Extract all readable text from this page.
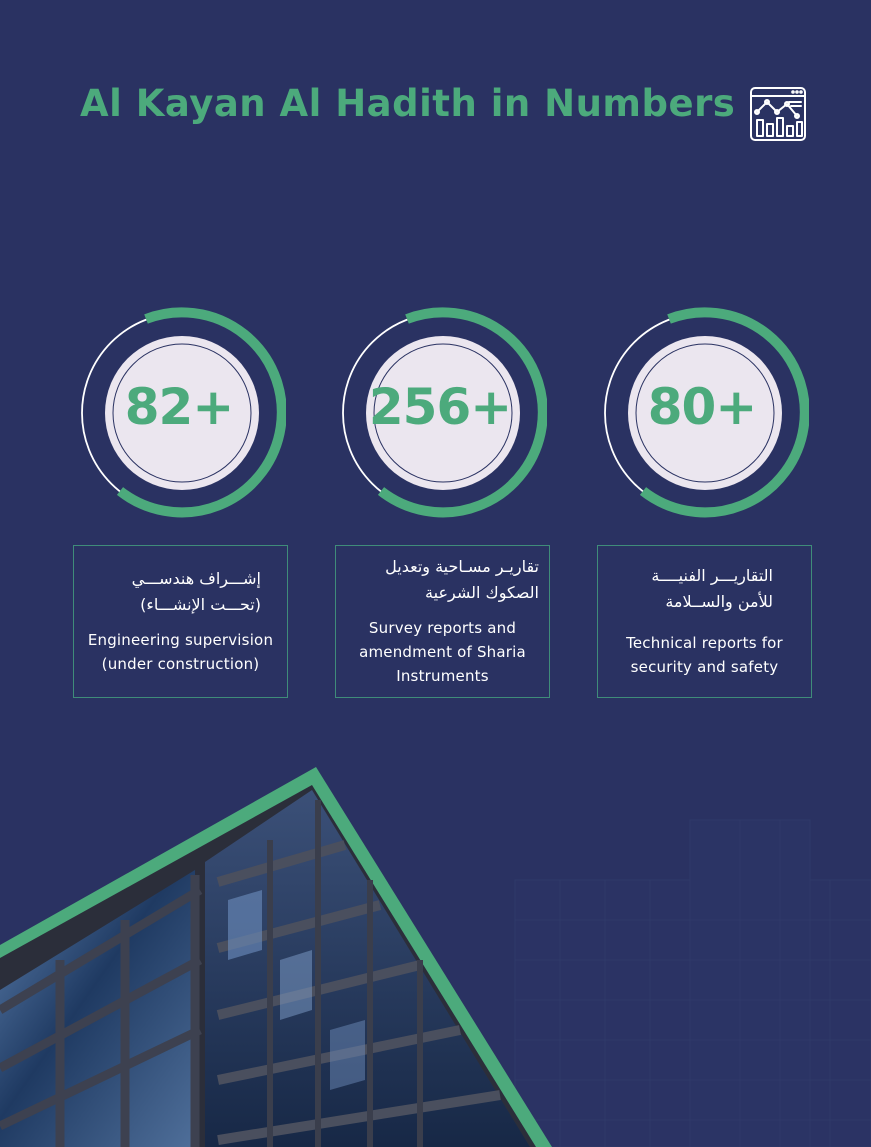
Al Kayan Al Hadith in Numbers
82+	256+	80+

إشـــراف هندســـي

(تحـــت الإنشـــاء)

Engineering supervision

(under construction)

تقاريـر مسـاحية وتعديل

الصكوك الشرعية

Survey reports and

amendment of Sharia

Instruments

التقاريـــر الفنيــــة

للأمن والســلامة

Technical reports for

security and safety
